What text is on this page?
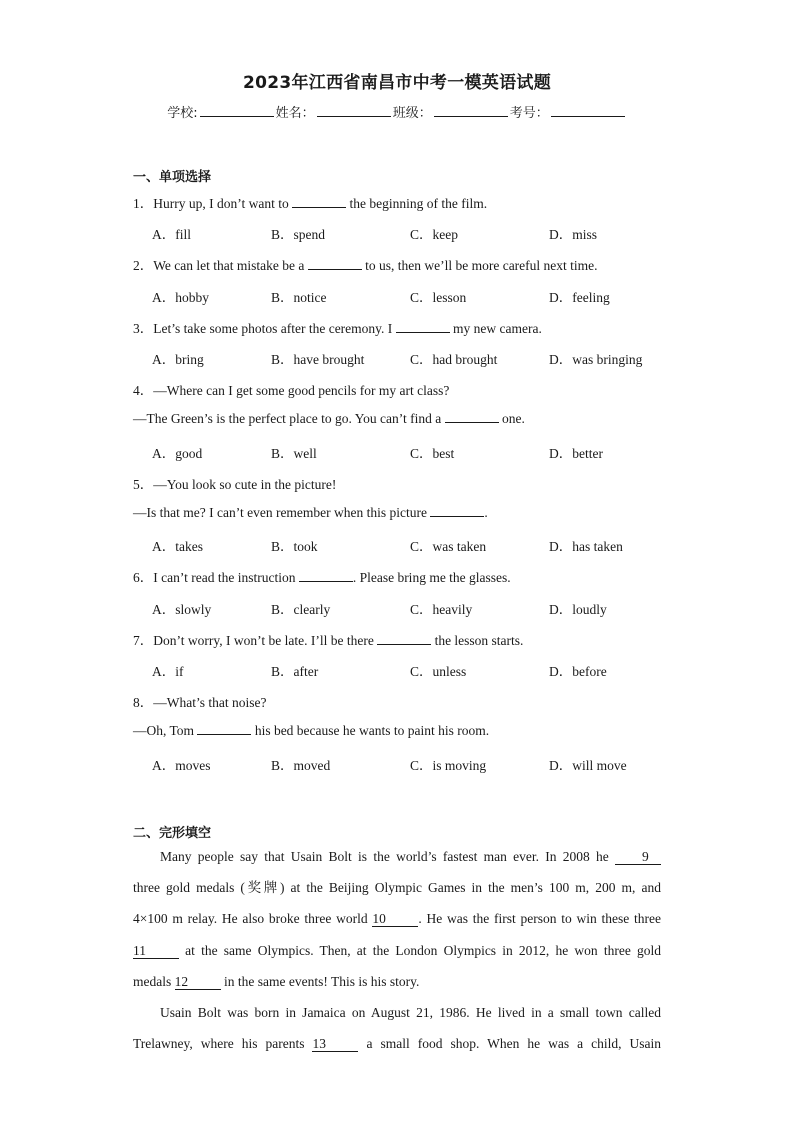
2023年江西省南昌市中考一模英语试题
学校:	姓名：	班级：	考号：
一、单项选择
1．Hurry up, I don’t want to	the beginning of the film.
A．fill	B．spend	C．keep	D．miss
2．We can let that mistake be a	to us, then we’ll be more careful next time.
A．hobby	B．notice	C．lesson	D．feeling
3．Let’s take some photos after the ceremony. I	my new camera.
A．bring	B．have brought	C．had brought	D．was bringing
4．—Where can I get some good pencils for my art class?
—The Green’s is the perfect place to go. You can’t find a	one.
A．good	B．well	C．best	D．better
5．—You look so cute in the picture!
—Is that me? I can’t even remember when this picture	.
A．takes	B．took	C．was taken	D．has taken
6．I can’t read the instruction	. Please bring me the glasses.
A．slowly	B．clearly	C．heavily	D．loudly
7．Don’t worry, I won’t be late. I’ll be there	the lesson starts.
A．if	B．after	C．unless	D．before
8．—What’s that noise?
—Oh, Tom	his bed because he wants to paint his room.
A．moves	B．moved	C．is moving	D．will move
二、完形填空
Many people say that Usain Bolt is the world’s fastest man ever. In 2008 he 9
three gold medals (奖牌) at the Beijing Olympic Games in the men’s 100 m, 200 m, and
4×100 m relay. He also broke three world 10 . He was the first person to win these three
11 at the same Olympics. Then, at the London Olympics in 2012, he won three gold
medals 12 in the same events! This is his story.
Usain Bolt was born in Jamaica on August 21, 1986. He lived in a small town called
Trelawney, where his parents 13 a small food shop. When he was a child, Usain
